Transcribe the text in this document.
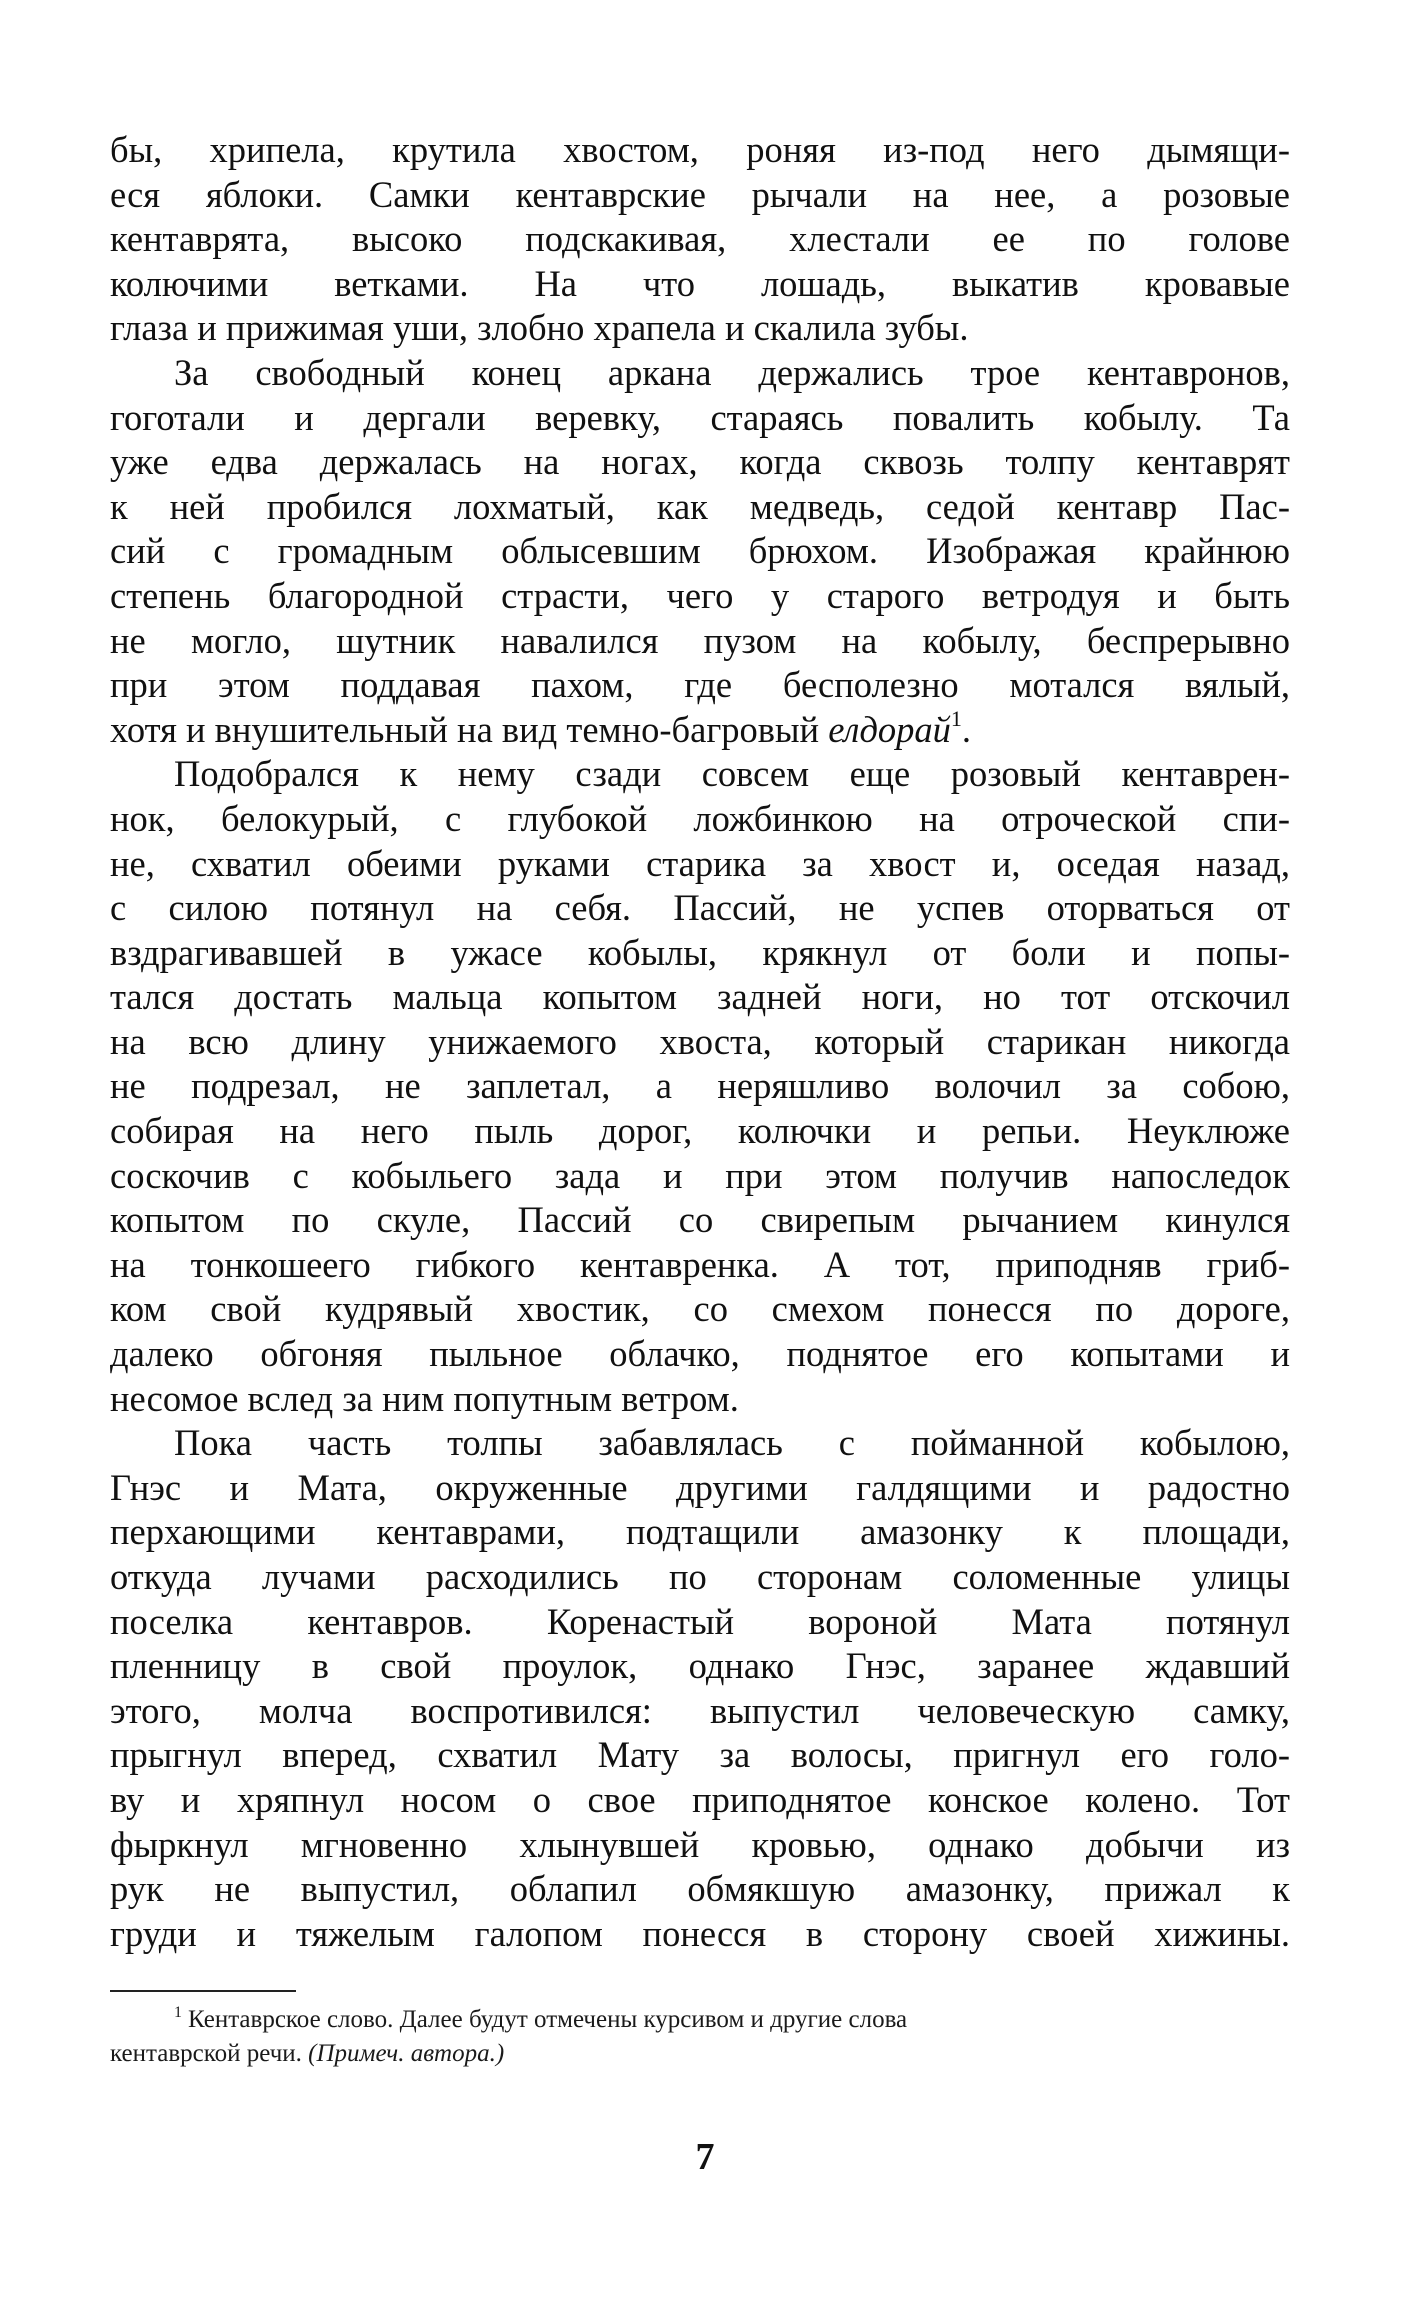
бы, хрипела, крутила хвостом, роняя из-под него дымящи-
еся яблоки. Самки кентаврские рычали на нее, а розовые
кентаврята, высоко подскакивая, хлестали ее по голове
колючими ветками. На что лошадь, выкатив кровавые
глаза и прижимая уши, злобно храпела и скалила зубы.
За свободный конец аркана держались трое кентавронов,
гоготали и дергали веревку, стараясь повалить кобылу. Та
уже едва держалась на ногах, когда сквозь толпу кентаврят
к ней пробился лохматый, как медведь, седой кентавр Пас-
сий с громадным облысевшим брюхом. Изображая крайнюю
степень благородной страсти, чего у старого ветродуя и быть
не могло, шутник навалился пузом на кобылу, беспрерывно
при этом поддавая пахом, где бесполезно мотался вялый,
хотя и внушительный на вид темно-багровый елдорай$^1$.
Подобрался к нему сзади совсем еще розовый кентаврен-
нок, белокурый, с глубокой ложбинкою на отроческой спи-
не, схватил обеими руками старика за хвост и, оседая назад,
с силою потянул на себя. Пассий, не успев оторваться от
вздрагивавшей в ужасе кобылы, крякнул от боли и попы-
тался достать мальца копытом задней ноги, но тот отскочил
на всю длину унижаемого хвоста, который старикан никогда
не подрезал, не заплетал, а неряшливо волочил за собою,
собирая на него пыль дорог, колючки и репьи. Неуклюже
соскочив с кобыльего зада и при этом получив напоследок
копытом по скуле, Пассий со свирепым рычанием кинулся
на тонкошеего гибкого кентавренка. А тот, приподняв гриб-
ком свой кудрявый хвостик, со смехом понесся по дороге,
далеко обгоняя пыльное облачко, поднятое его копытами и
несомое вслед за ним попутным ветром.
Пока часть толпы забавлялась с пойманной кобылою,
Гнэс и Мата, окруженные другими галдящими и радостно
перхающими кентаврами, подтащили амазонку к площади,
откуда лучами расходились по сторонам соломенные улицы
поселка кентавров. Коренастый вороной Мата потянул
пленницу в свой проулок, однако Гнэс, заранее ждавший
этого, молча воспротивился: выпустил человеческую самку,
прыгнул вперед, схватил Мату за волосы, пригнул его голо-
ву и хряпнул носом о свое приподнятое конское колено. Тот
фыркнул мгновенно хлынувшей кровью, однако добычи из
рук не выпустил, облапил обмякшую амазонку, прижал к
груди и тяжелым галопом понесся в сторону своей хижины.
$^1$ Кентаврское слово. Далее будут отмечены курсивом и другие слова
кентаврской речи. (Примеч. автора.)
7
